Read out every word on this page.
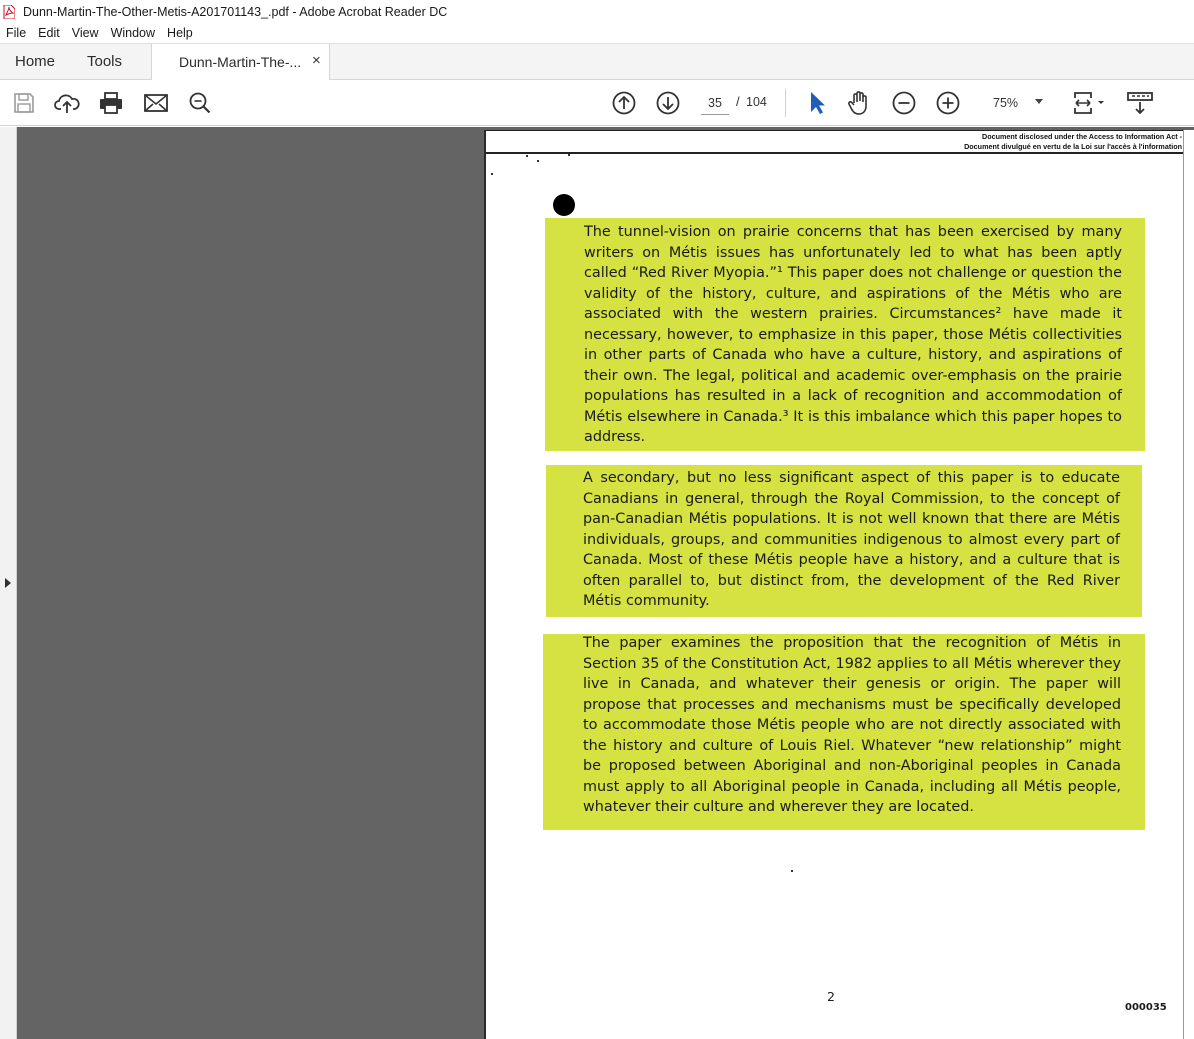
Dunn-Martin-The-Other-Metis-A201701143_.pdf - Adobe Acrobat Reader DC
File Edit View Window Help
Home Tools	Dunn-Martin-The-... ×
35
/ 104	75%
Document disclosed under the Access to Information Act -
Document divulgué en vertu de la Loi sur l'accès à l'information

The tunnel-vision on prairie concerns that has been exercised by many writers on Métis issues has unfortunately led to what has been aptly called “Red River Myopia.”¹ This paper does not challenge or question the validity of the history, culture, and aspirations of the Métis who are associated with the western prairies. Circumstances² have made it necessary, however, to emphasize in this paper, those Métis collectivities in other parts of Canada who have a culture, history, and aspirations of their own. The legal, political and academic over-emphasis on the prairie populations has resulted in a lack of recognition and accommodation of Métis elsewhere in Canada.³ It is this imbalance which this paper hopes to address.

A secondary, but no less significant aspect of this paper is to educate Canadians in general, through the Royal Commission, to the concept of pan-Canadian Métis populations. It is not well known that there are Métis individuals, groups, and communities indigenous to almost every part of Canada. Most of these Métis people have a history, and a culture that is often parallel to, but distinct from, the development of the Red River Métis community.

The paper examines the proposition that the recognition of Métis in Section 35 of the Constitution Act, 1982 applies to all Métis wherever they live in Canada, and whatever their genesis or origin. The paper will propose that processes and mechanisms must be specifically developed to accommodate those Métis people who are not directly associated with the history and culture of Louis Riel. Whatever “new relationship” might be proposed between Aboriginal and non-Aboriginal peoples in Canada must apply to all Aboriginal people in Canada, including all Métis people, whatever their culture and wherever they are located.

2
000035
